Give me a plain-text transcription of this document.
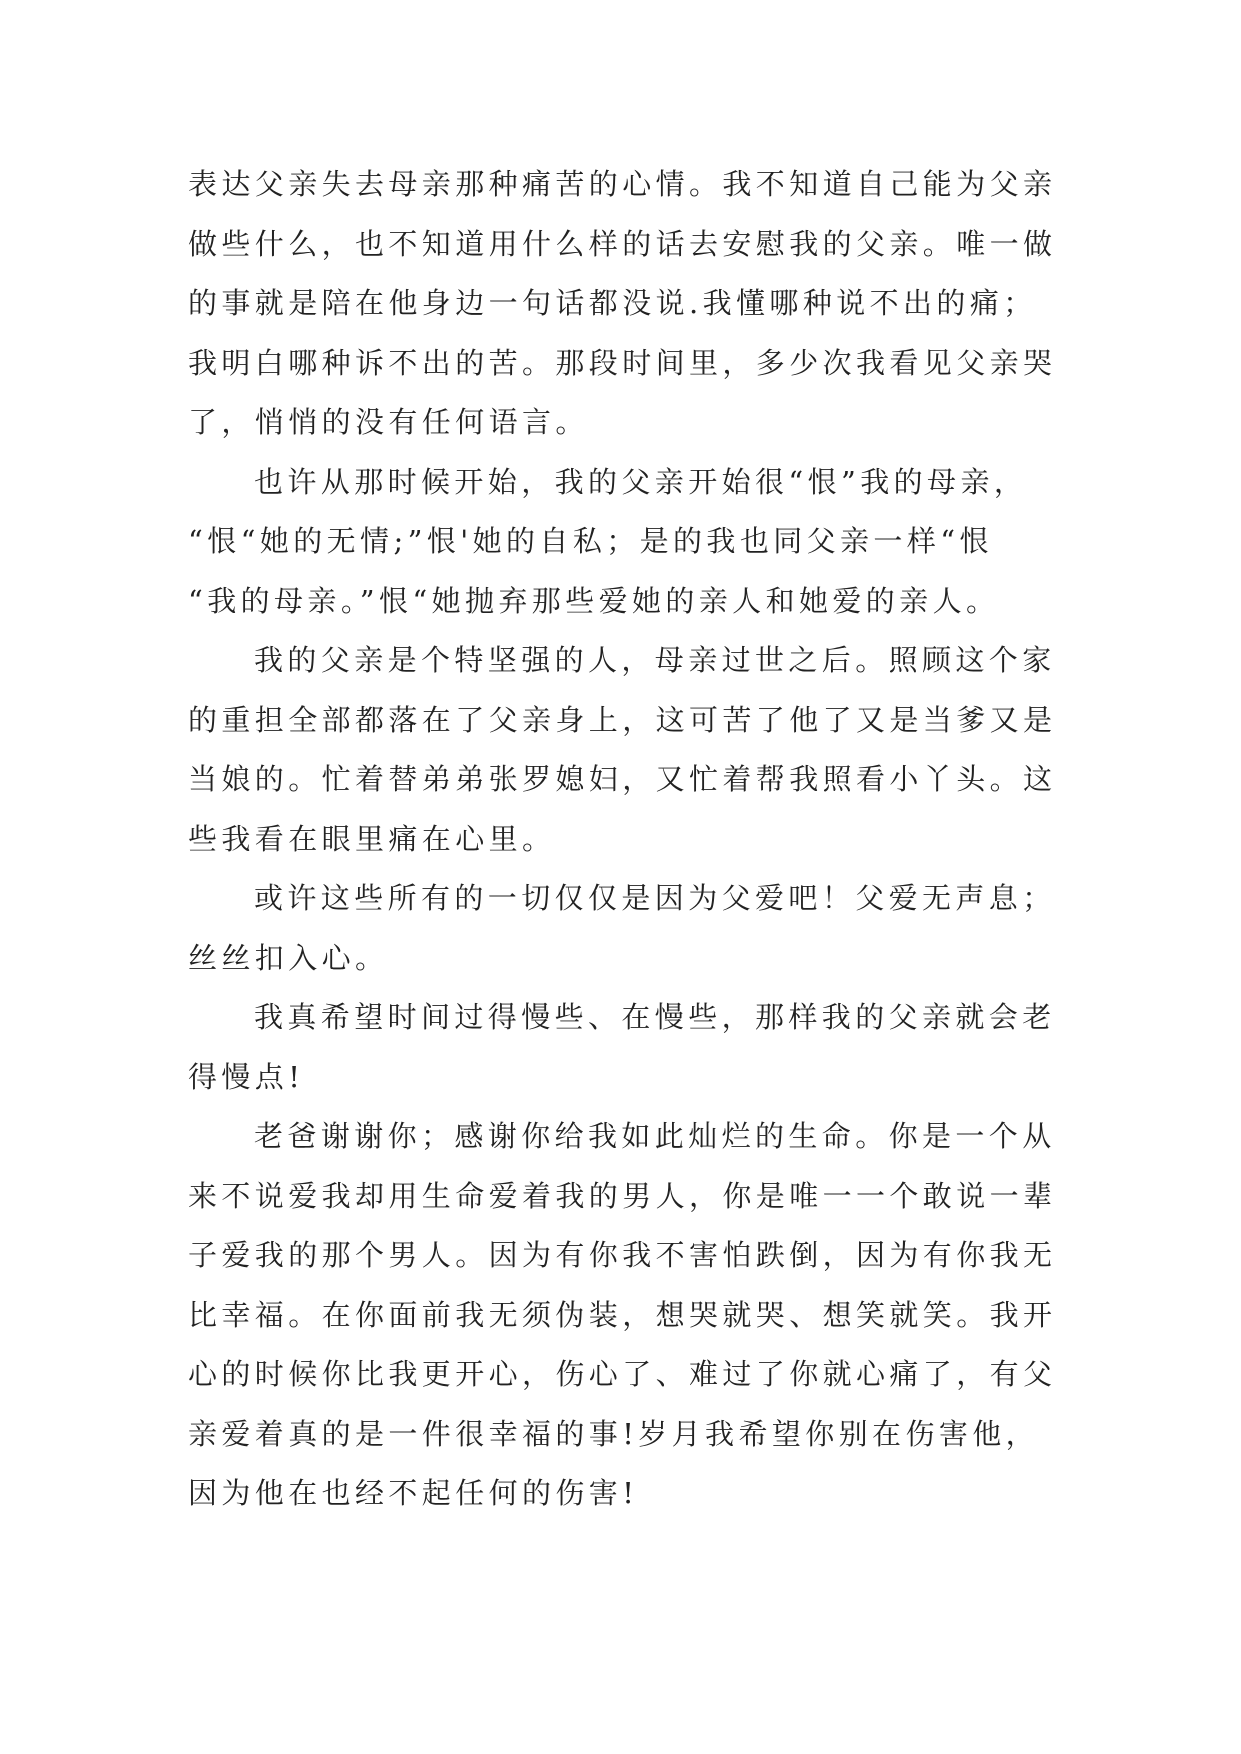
表达父亲失去母亲那种痛苦的心情。我不知道自己能为父亲
做些什么，也不知道用什么样的话去安慰我的父亲。唯一做
的事就是陪在他身边一句话都没说.我懂哪种说不出的痛；
我明白哪种诉不出的苦。那段时间里，多少次我看见父亲哭
了，悄悄的没有任何语言。
也许从那时候开始，我的父亲开始很“恨”我的母亲，
“恨“她的无情;”恨'她的自私；是的我也同父亲一样“恨
“我的母亲。”恨“她抛弃那些爱她的亲人和她爱的亲人。
我的父亲是个特坚强的人，母亲过世之后。照顾这个家
的重担全部都落在了父亲身上，这可苦了他了又是当爹又是
当娘的。忙着替弟弟张罗媳妇，又忙着帮我照看小丫头。这
些我看在眼里痛在心里。
或许这些所有的一切仅仅是因为父爱吧！父爱无声息；
丝丝扣入心。
我真希望时间过得慢些、在慢些，那样我的父亲就会老
得慢点!
老爸谢谢你；感谢你给我如此灿烂的生命。你是一个从
来不说爱我却用生命爱着我的男人，你是唯一一个敢说一辈
子爱我的那个男人。因为有你我不害怕跌倒，因为有你我无
比幸福。在你面前我无须伪装，想哭就哭、想笑就笑。我开
心的时候你比我更开心，伤心了、难过了你就心痛了，有父
亲爱着真的是一件很幸福的事!岁月我希望你别在伤害他，
因为他在也经不起任何的伤害!
